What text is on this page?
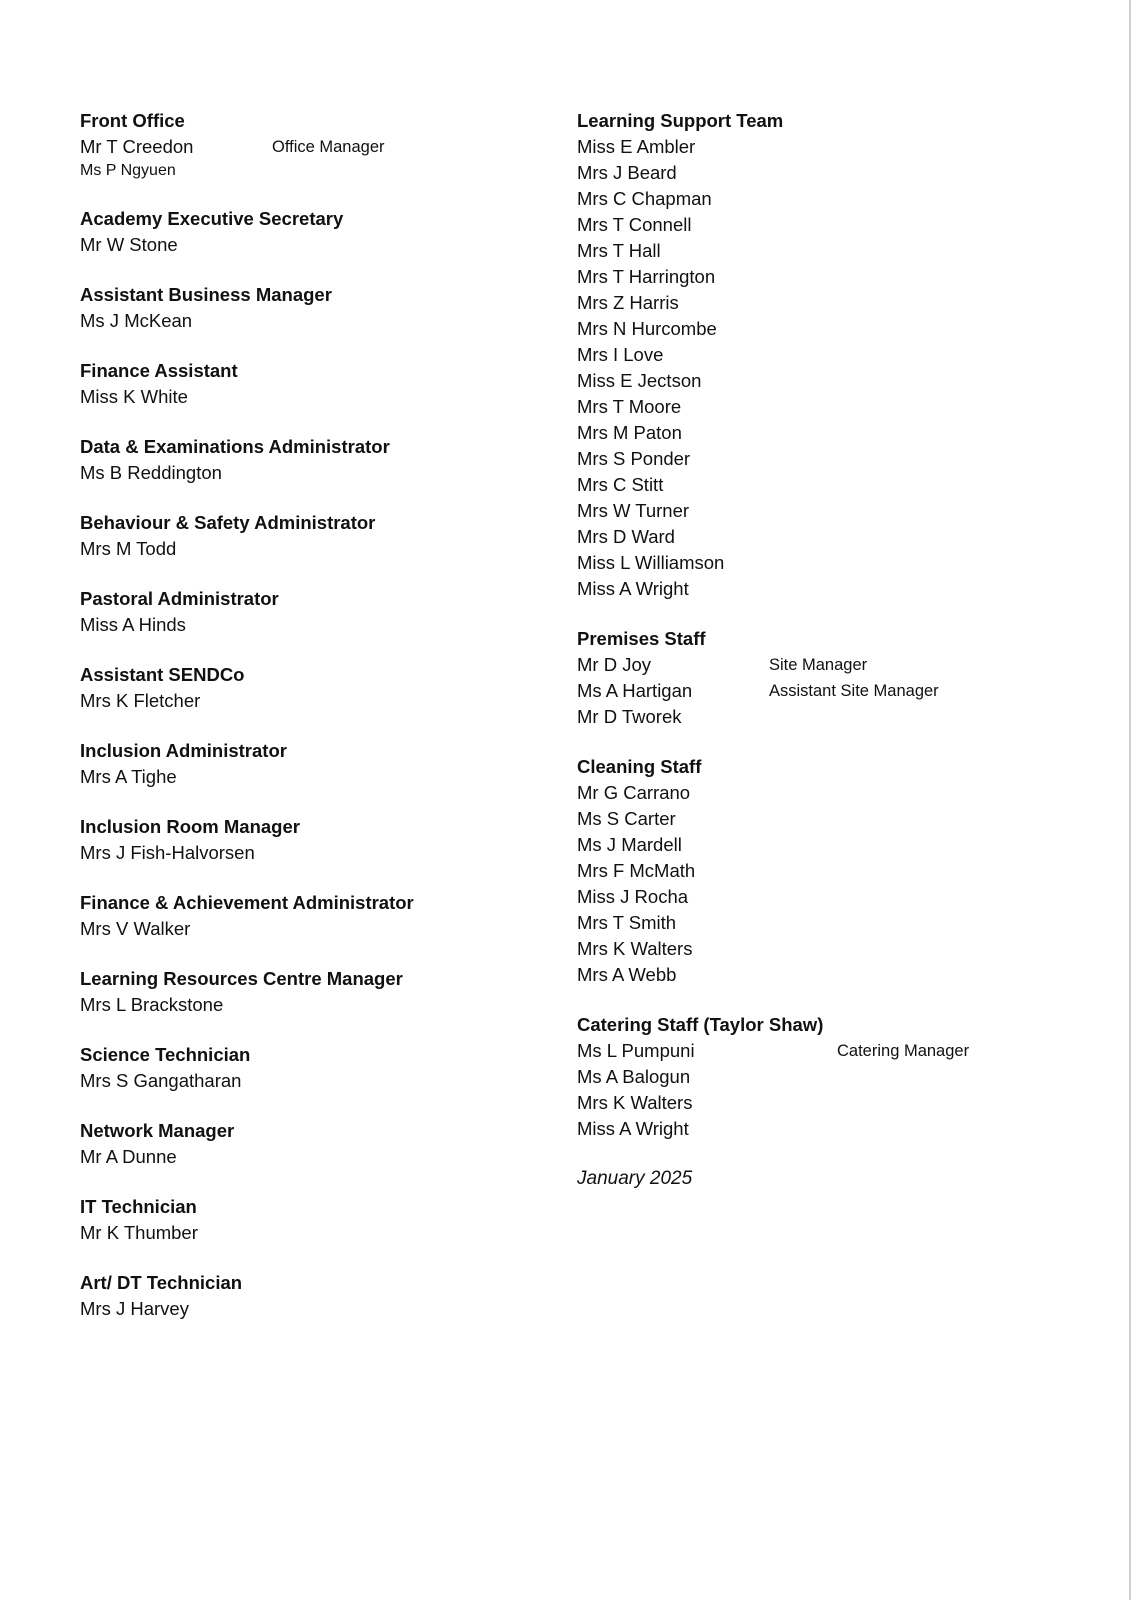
Front Office
Mr T Creedon	Office Manager
Ms P Ngyuen
Academy Executive Secretary
Mr W Stone
Assistant Business Manager
Ms J McKean
Finance Assistant
Miss K White
Data & Examinations Administrator
Ms B Reddington
Behaviour & Safety Administrator
Mrs M Todd
Pastoral Administrator
Miss A Hinds
Assistant SENDCo
Mrs K Fletcher
Inclusion Administrator
Mrs A Tighe
Inclusion Room Manager
Mrs J Fish-Halvorsen
Finance & Achievement Administrator
Mrs V Walker
Learning Resources Centre Manager
Mrs L Brackstone
Science Technician
Mrs S Gangatharan
Network Manager
Mr A Dunne
IT Technician
Mr K Thumber
Art/ DT Technician
Mrs J Harvey
Learning Support Team
Miss E Ambler
Mrs J Beard
Mrs C Chapman
Mrs T Connell
Mrs T Hall
Mrs T Harrington
Mrs Z Harris
Mrs N Hurcombe
Mrs I Love
Miss E Jectson
Mrs T Moore
Mrs M Paton
Mrs S Ponder
Mrs C Stitt
Mrs W Turner
Mrs D Ward
Miss L Williamson
Miss A Wright
Premises Staff
Mr D Joy	Site Manager
Ms A Hartigan	Assistant Site Manager
Mr D Tworek
Cleaning Staff
Mr G Carrano
Ms S Carter
Ms J Mardell
Mrs F McMath
Miss J Rocha
Mrs T Smith
Mrs K Walters
Mrs A Webb
Catering Staff (Taylor Shaw)
Ms L Pumpuni	Catering Manager
Ms A Balogun
Mrs K Walters
Miss A Wright
January 2025
